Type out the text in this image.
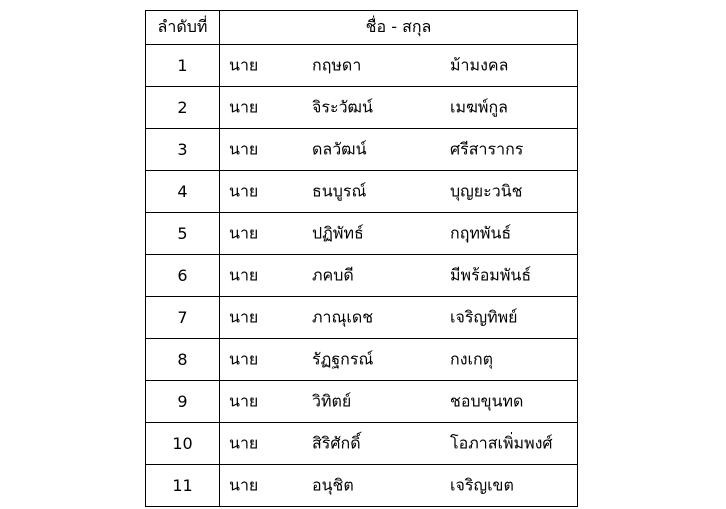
ลำดับที่	ชื่อ - สกุล
1	นาย กฤษดา ม้ามงคล

2	นาย จิระวัฒน์ เมฆพ์กูล

3	นาย ดลวัฒน์ ศรีสารากร

4	นาย ธนบูรณ์ บุญยะวนิช

5	นาย ปฏิพัทธ์ กฤุทพันธ์

6	นาย ภคบดี มีพร้อมพันธ์

7	นาย ภาณุเดช เจริญทิพย์

8	นาย รัฏฐกรณ์ กงเกตุ

9	นาย วิทิตย์ ชอบขุนทด

10	นาย สิริศักดิ์ โอภาสเพิ่มพงศ์

11	นาย อนุชิต เจริญเขต
